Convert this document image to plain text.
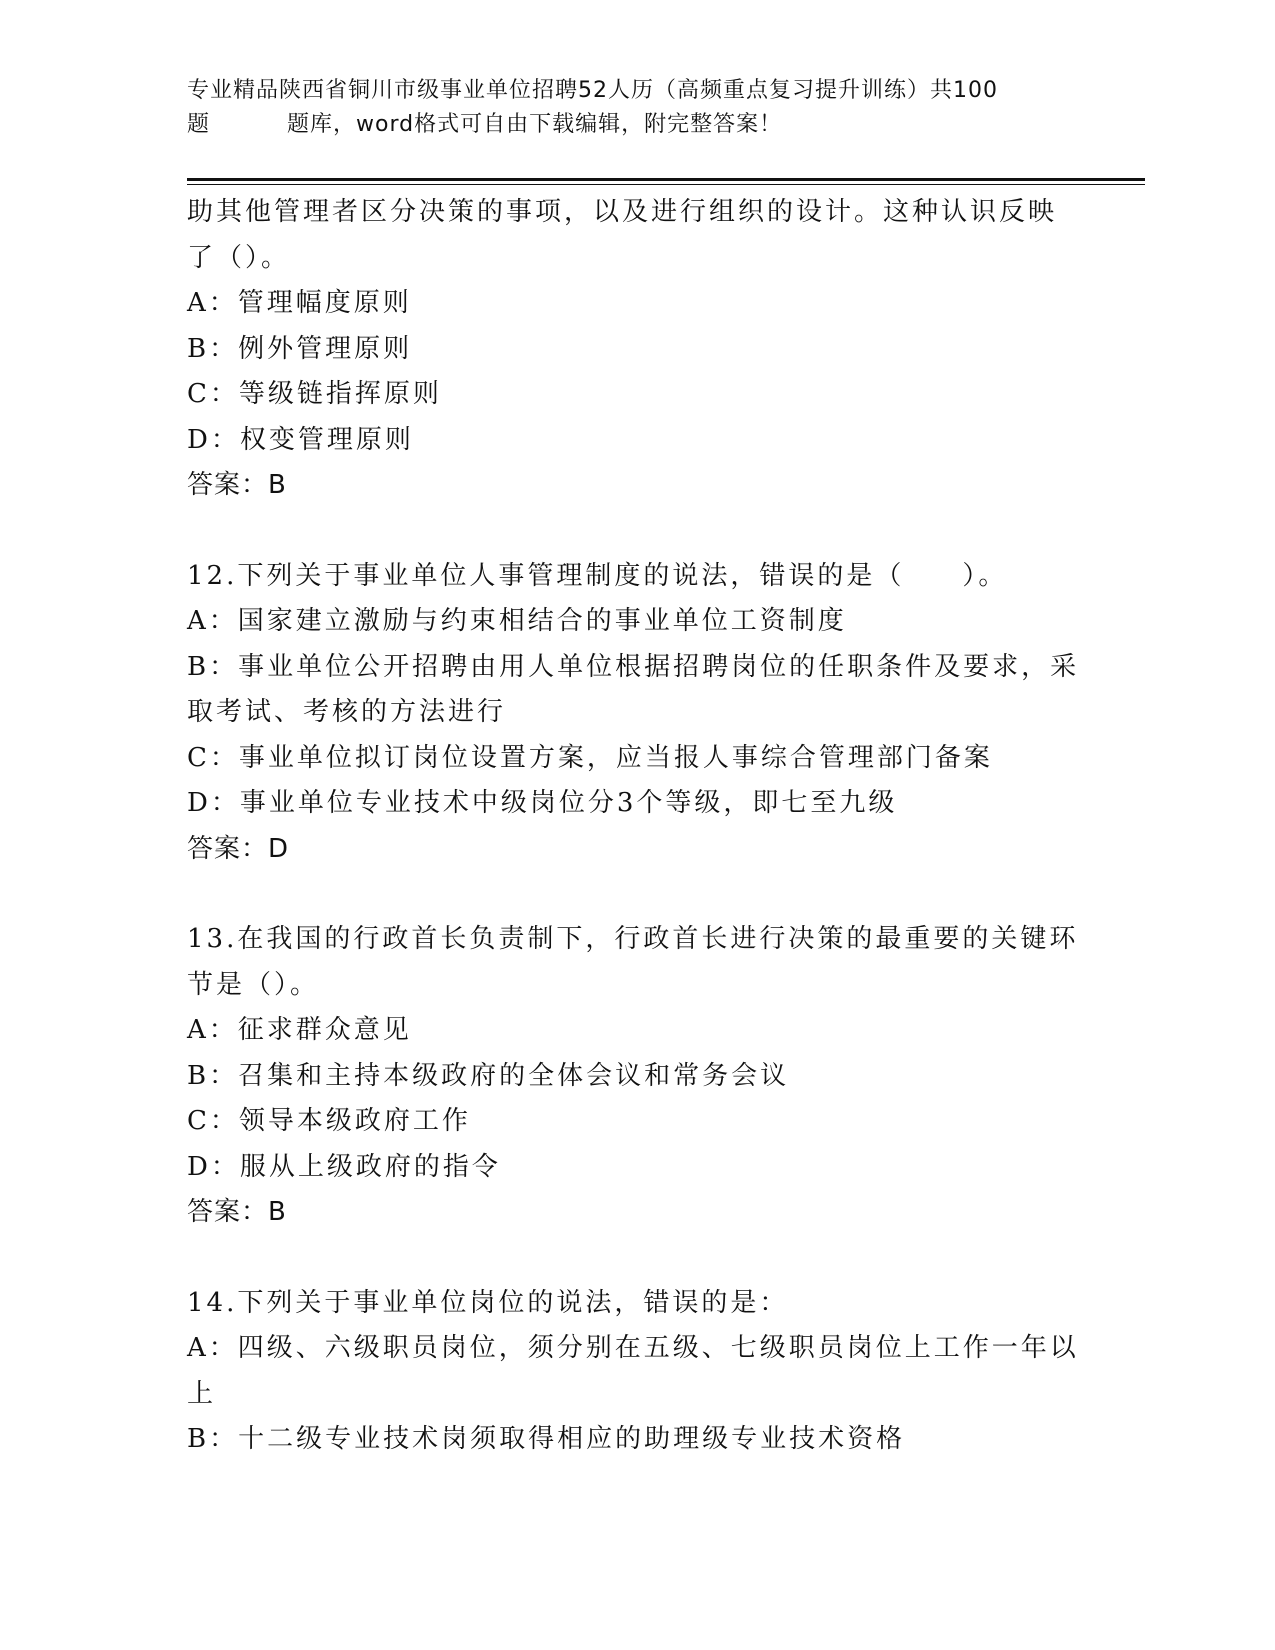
专业精品陕西省铜川市级事业单位招聘52人历（高频重点复习提升训练）共100
题	题库，word格式可自由下载编辑，附完整答案！
助其他管理者区分决策的事项，以及进行组织的设计。这种认识反映
了（）。
A：管理幅度原则
B：例外管理原则
C：等级链指挥原则
D：权变管理原则
答案：B
12.下列关于事业单位人事管理制度的说法，错误的是（　　）。
A：国家建立激励与约束相结合的事业单位工资制度
B：事业单位公开招聘由用人单位根据招聘岗位的任职条件及要求，采
取考试、考核的方法进行
C：事业单位拟订岗位设置方案，应当报人事综合管理部门备案
D：事业单位专业技术中级岗位分3个等级，即七至九级
答案：D
13.在我国的行政首长负责制下，行政首长进行决策的最重要的关键环
节是（）。
A：征求群众意见
B：召集和主持本级政府的全体会议和常务会议
C：领导本级政府工作
D：服从上级政府的指令
答案：B
14.下列关于事业单位岗位的说法，错误的是：
A：四级、六级职员岗位，须分别在五级、七级职员岗位上工作一年以
上
B：十二级专业技术岗须取得相应的助理级专业技术资格
